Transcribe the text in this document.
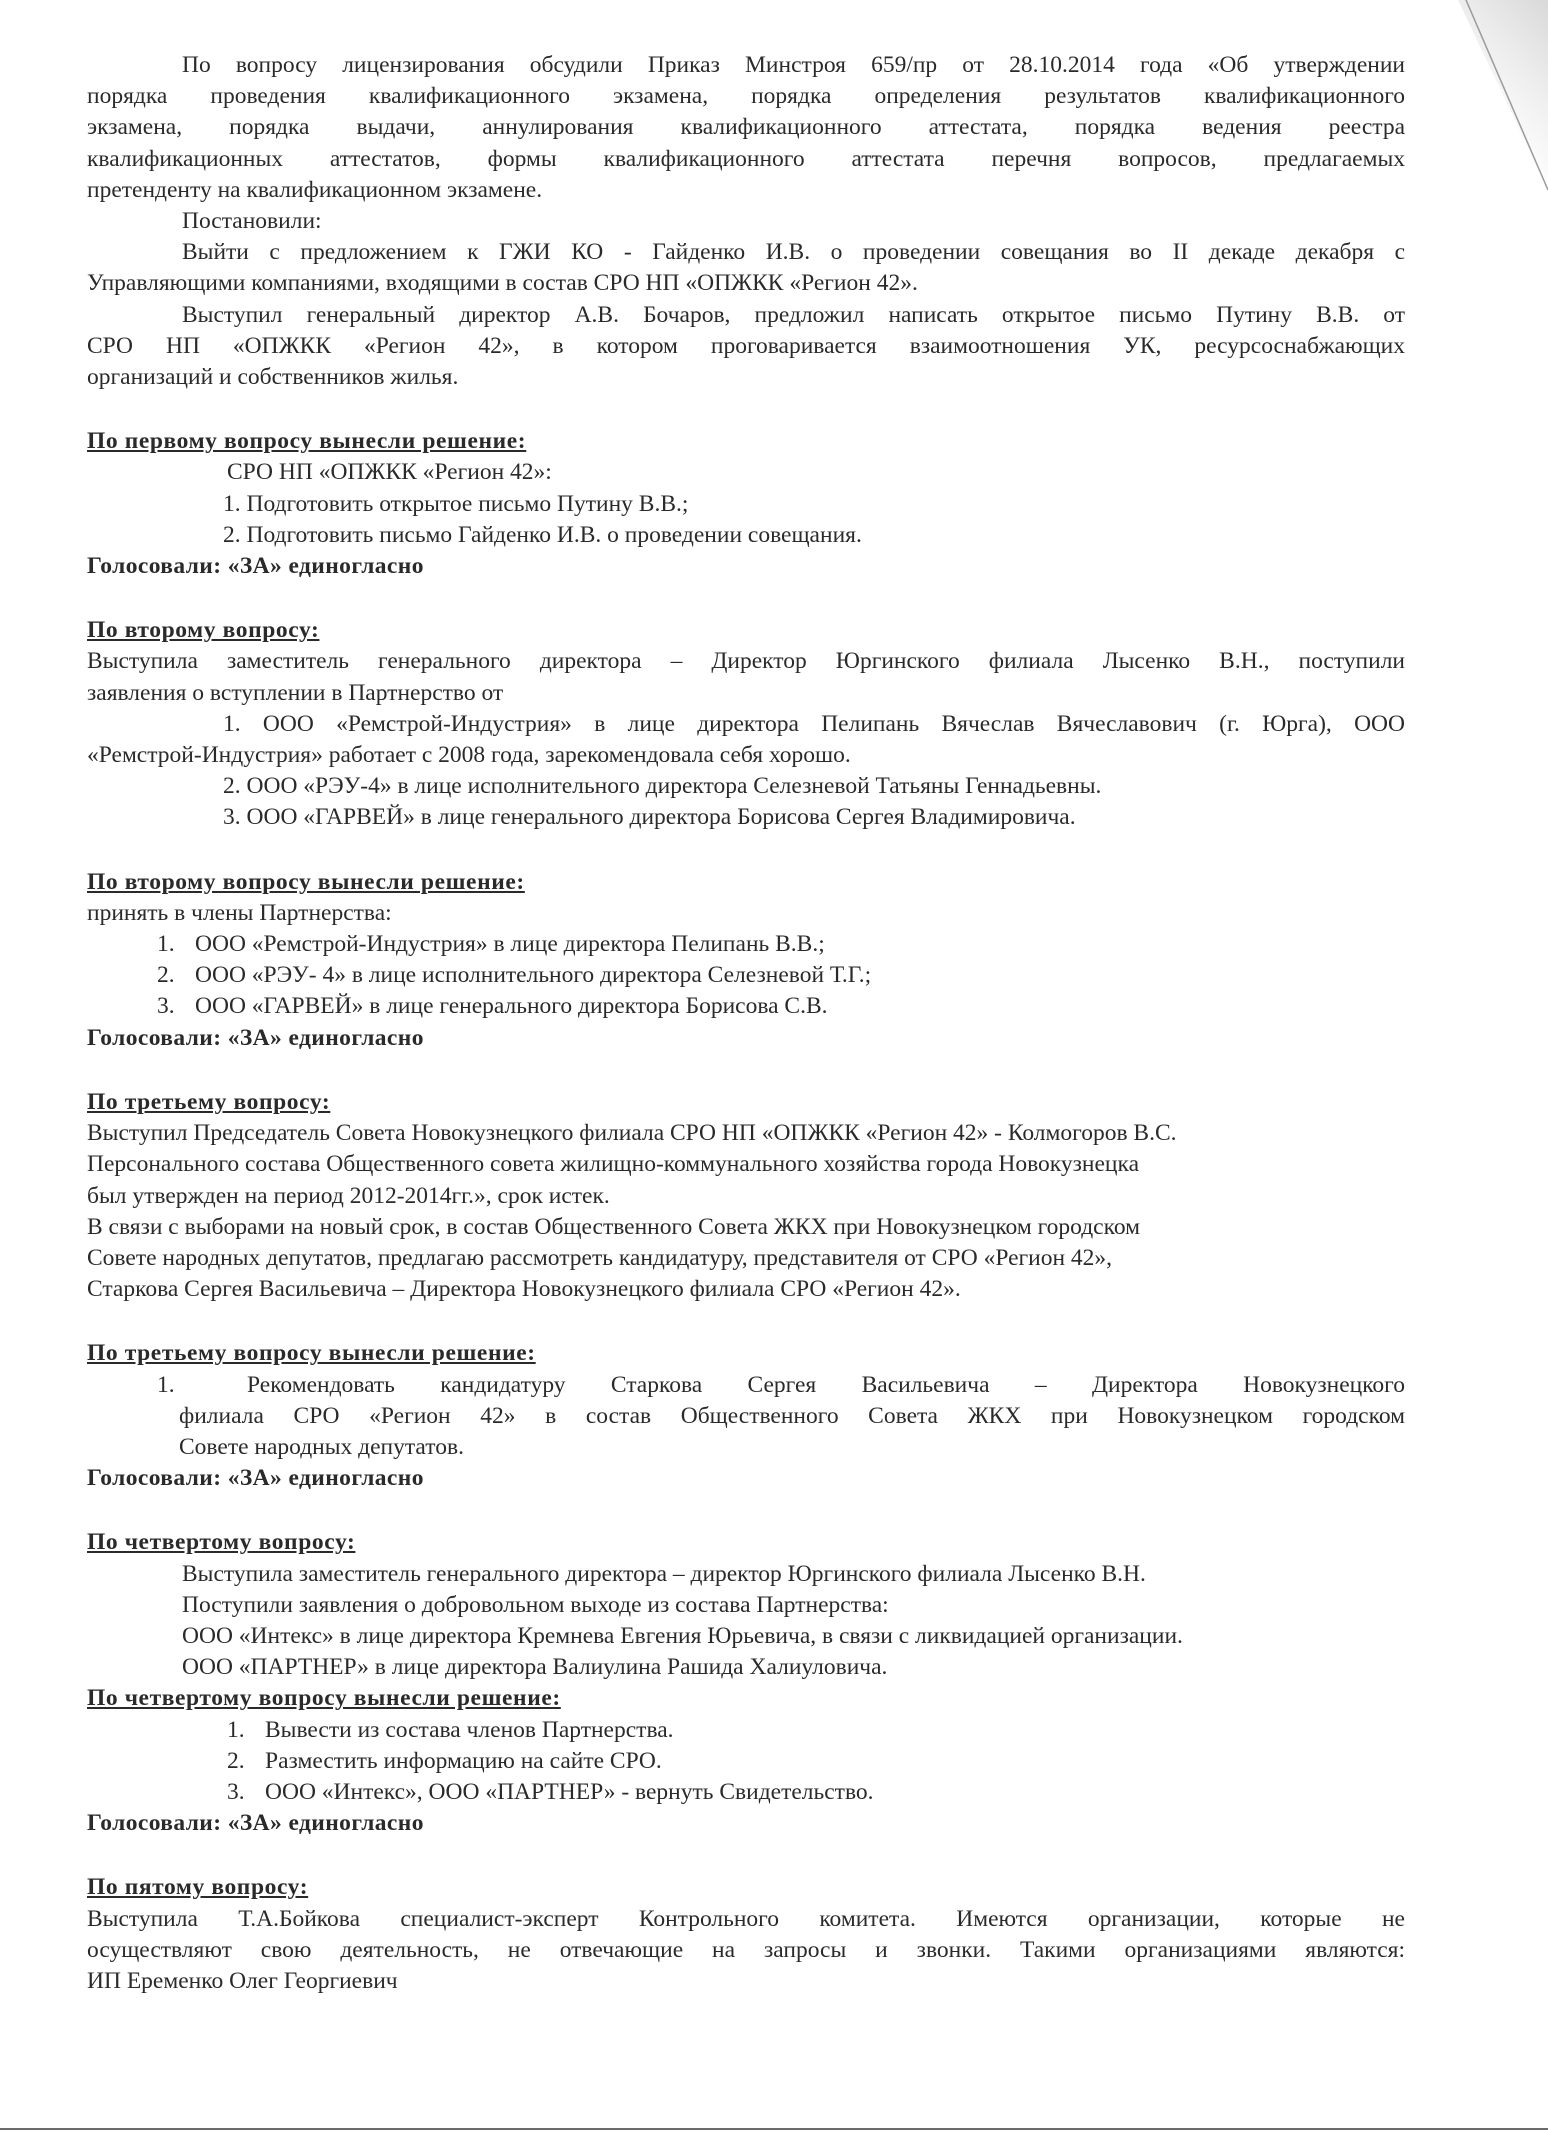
По вопросу лицензирования обсудили Приказ Минстроя 659/пр от 28.10.2014 года «Об утверждении

порядка проведения квалификационного экзамена, порядка определения результатов квалификационного

экзамена, порядка выдачи, аннулирования квалификационного аттестата, порядка ведения реестра

квалификационных аттестатов, формы квалификационного аттестата перечня вопросов, предлагаемых

претенденту на квалификационном экзамене.

Постановили:

Выйти с предложением к ГЖИ КО - Гайденко И.В. о проведении совещания во II декаде декабря с

Управляющими компаниями, входящими в состав СРО НП «ОПЖКК «Регион 42».

Выступил генеральный директор А.В. Бочаров, предложил написать открытое письмо Путину В.В. от

СРО НП «ОПЖКК «Регион 42», в котором проговаривается взаимоотношения УК, ресурсоснабжающих

организаций и собственников жилья.

По первому вопросу вынесли решение:

СРО НП «ОПЖКК «Регион 42»:

1. Подготовить открытое письмо Путину В.В.;

2. Подготовить письмо Гайденко И.В. о проведении совещания.

Голосовали: «ЗА» единогласно

По второму вопросу:

Выступила заместитель генерального директора – Директор Юргинского филиала Лысенко В.Н., поступили

заявления о вступлении в Партнерство от

1. ООО «Ремстрой-Индустрия» в лице директора Пелипань Вячеслав Вячеславович (г. Юрга), ООО

«Ремстрой-Индустрия» работает с 2008 года, зарекомендовала себя хорошо.

2. ООО «РЭУ-4» в лице исполнительного директора Селезневой Татьяны Геннадьевны.

3. ООО «ГАРВЕЙ» в лице генерального директора Борисова Сергея Владимировича.

По второму вопросу вынесли решение:

принять в члены Партнерства:

1. ООО «Ремстрой-Индустрия» в лице директора Пелипань В.В.;
2. ООО «РЭУ- 4» в лице исполнительного директора Селезневой Т.Г.;
3. ООО «ГАРВЕЙ» в лице генерального директора Борисова С.В.

Голосовали: «ЗА» единогласно

По третьему вопросу:

Выступил Председатель Совета Новокузнецкого филиала СРО НП «ОПЖКК «Регион 42» - Колмогоров В.С.

Персонального состава Общественного совета жилищно-коммунального хозяйства города Новокузнецка

был утвержден на период 2012-2014гг.», срок истек.

В связи с выборами на новый срок, в состав Общественного Совета ЖКХ при Новокузнецком городском

Совете народных депутатов, предлагаю рассмотреть кандидатуру, представителя от СРО «Регион 42»,

Старкова Сергея Васильевича – Директора Новокузнецкого филиала СРО «Регион 42».

По третьему вопросу вынесли решение:

1.	Рекомендовать кандидатуру Старкова Сергея Васильевича – Директора Новокузнецкого

филиала СРО «Регион 42» в состав Общественного Совета ЖКХ при Новокузнецком городском

Совете народных депутатов.

Голосовали: «ЗА» единогласно

По четвертому вопросу:

Выступила заместитель генерального директора – директор Юргинского филиала Лысенко В.Н.

Поступили заявления о добровольном выходе из состава Партнерства:

ООО «Интекс» в лице директора Кремнева Евгения Юрьевича, в связи с ликвидацией организации.

ООО «ПАРТНЕР» в лице директора Валиулина Рашида Халиуловича.

По четвертому вопросу вынесли решение:

1. Вывести из состава членов Партнерства.
2. Разместить информацию на сайте СРО.
3. ООО «Интекс», ООО «ПАРТНЕР» - вернуть Свидетельство.

Голосовали: «ЗА» единогласно

По пятому вопросу:

Выступила Т.А.Бойкова специалист-эксперт Контрольного комитета. Имеются организации, которые не

осуществляют свою деятельность, не отвечающие на запросы и звонки. Такими организациями являются:

ИП Еременко Олег Георгиевич
